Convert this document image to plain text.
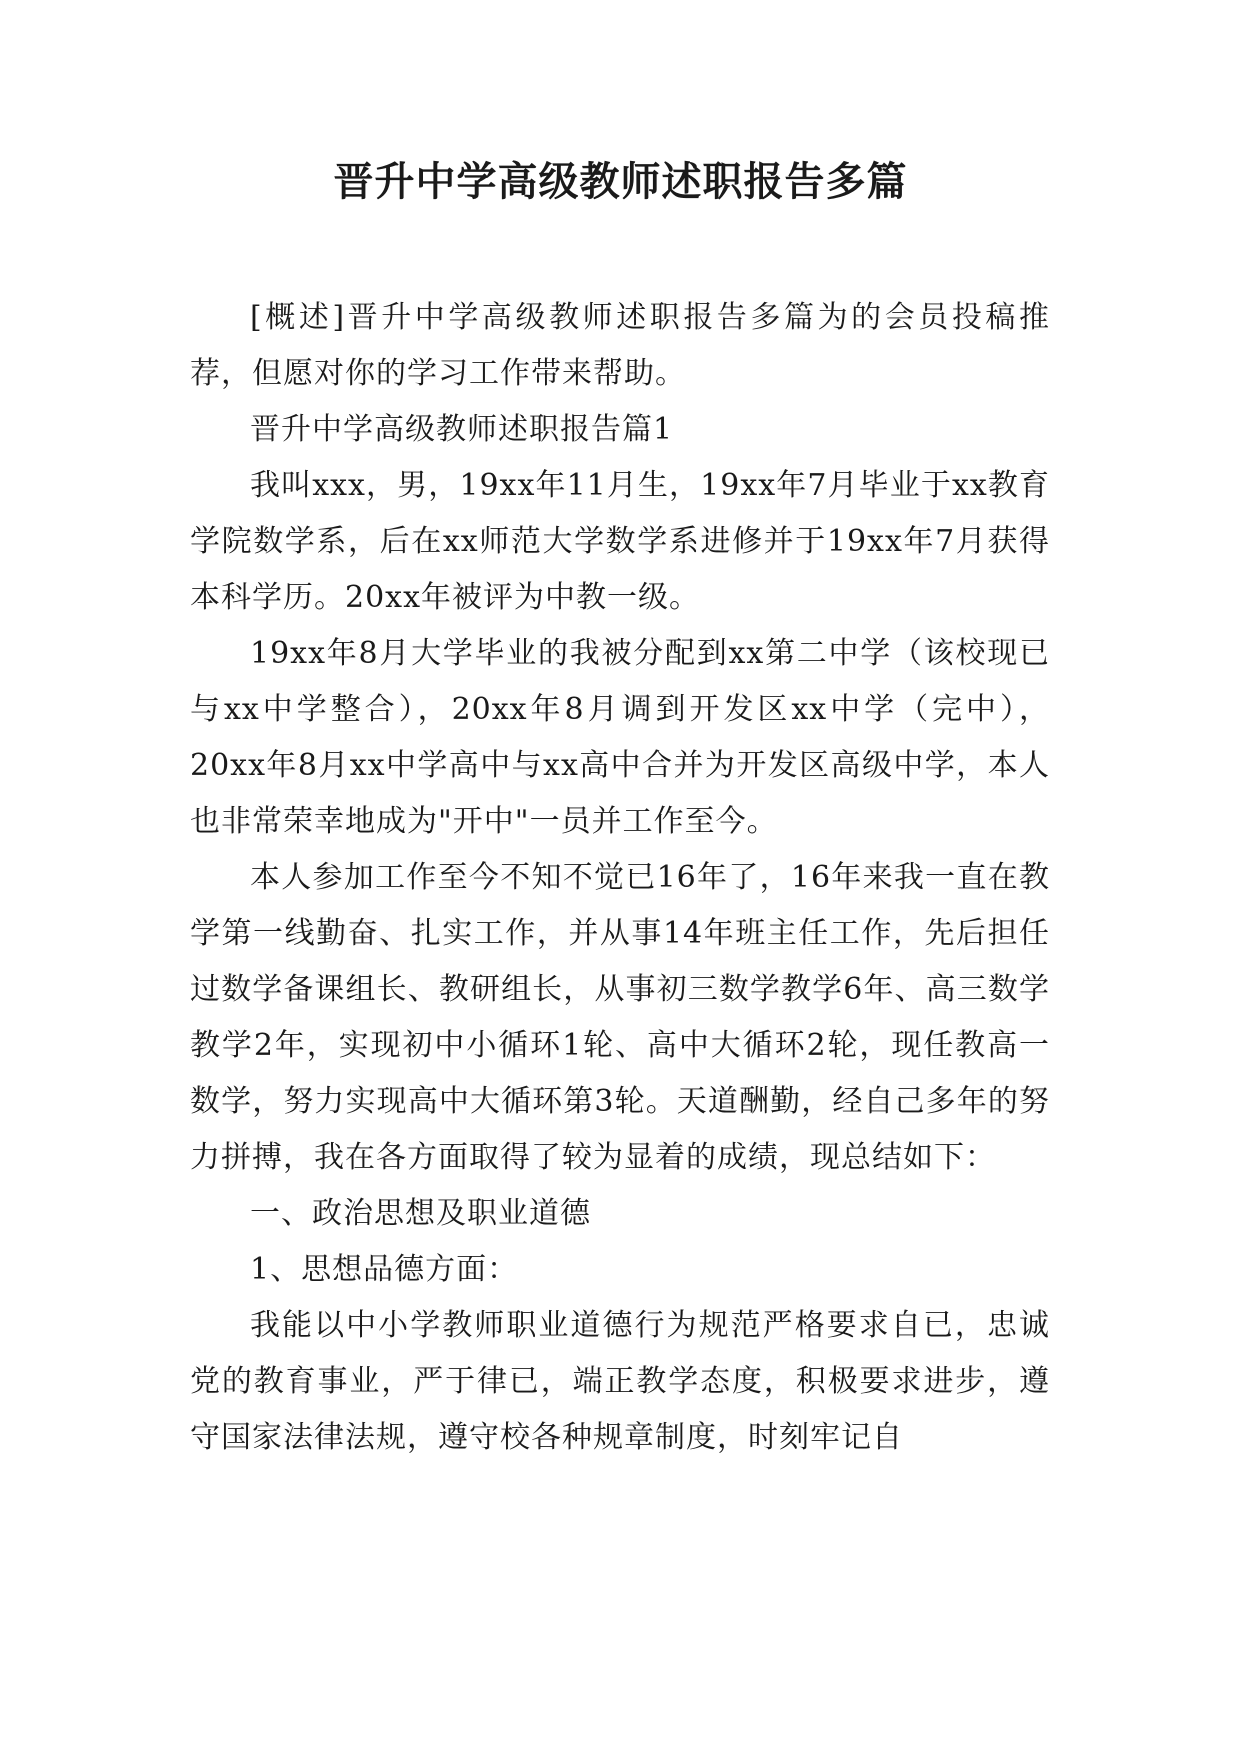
晋升中学高级教师述职报告多篇

[概述]晋升中学高级教师述职报告多篇为的会员投稿推荐，但愿对你的学习工作带来帮助。

晋升中学高级教师述职报告篇1

我叫xxx，男，19xx年11月生，19xx年7月毕业于xx教育学院数学系，后在xx师范大学数学系进修并于19xx年7月获得本科学历。20xx年被评为中教一级。

19xx年8月大学毕业的我被分配到xx第二中学（该校现已与xx中学整合），20xx年8月调到开发区xx中学（完中），20xx年8月xx中学高中与xx高中合并为开发区高级中学，本人也非常荣幸地成为"开中"一员并工作至今。

本人参加工作至今不知不觉已16年了，16年来我一直在教学第一线勤奋、扎实工作，并从事14年班主任工作，先后担任过数学备课组长、教研组长，从事初三数学教学6年、高三数学教学2年，实现初中小循环1轮、高中大循环2轮，现任教高一数学，努力实现高中大循环第3轮。天道酬勤，经自己多年的努力拼搏，我在各方面取得了较为显着的成绩，现总结如下：

一、政治思想及职业道德

1、思想品德方面：

我能以中小学教师职业道德行为规范严格要求自已，忠诚党的教育事业，严于律已，端正教学态度，积极要求进步，遵守国家法律法规，遵守校各种规章制度，时刻牢记自
